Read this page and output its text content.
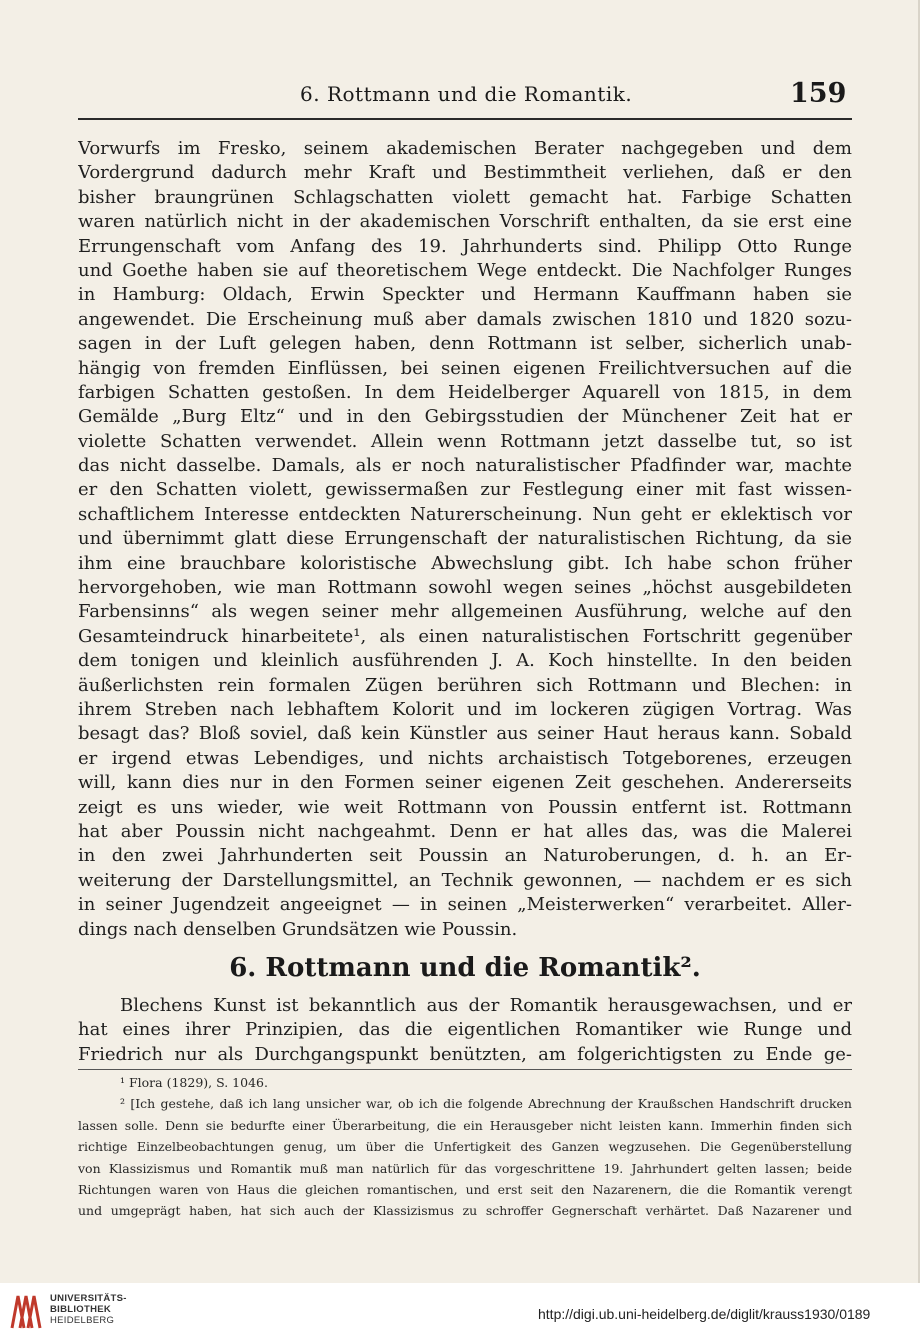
6. Rottmann und die Romantik.	159
Vorwurfs im Fresko, seinem akademischen Berater nachgegeben und dem
Vordergrund dadurch mehr Kraft und Bestimmtheit verliehen, daß er den
bisher braungrünen Schlagschatten violett gemacht hat. Farbige Schatten
waren natürlich nicht in der akademischen Vorschrift enthalten, da sie erst eine
Errungenschaft vom Anfang des 19. Jahrhunderts sind. Philipp Otto Runge
und Goethe haben sie auf theoretischem Wege entdeckt. Die Nachfolger Runges
in Hamburg: Oldach, Erwin Speckter und Hermann Kauffmann haben sie
angewendet. Die Erscheinung muß aber damals zwischen 1810 und 1820 sozu-
sagen in der Luft gelegen haben, denn Rottmann ist selber, sicherlich unab-
hängig von fremden Einflüssen, bei seinen eigenen Freilichtversuchen auf die
farbigen Schatten gestoßen. In dem Heidelberger Aquarell von 1815, in dem
Gemälde „Burg Eltz“ und in den Gebirgsstudien der Münchener Zeit hat er
violette Schatten verwendet. Allein wenn Rottmann jetzt dasselbe tut, so ist
das nicht dasselbe. Damals, als er noch naturalistischer Pfadfinder war, machte
er den Schatten violett, gewissermaßen zur Festlegung einer mit fast wissen-
schaftlichem Interesse entdeckten Naturerscheinung. Nun geht er eklektisch vor
und übernimmt glatt diese Errungenschaft der naturalistischen Richtung, da sie
ihm eine brauchbare koloristische Abwechslung gibt. Ich habe schon früher
hervorgehoben, wie man Rottmann sowohl wegen seines „höchst ausgebildeten
Farbensinns“ als wegen seiner mehr allgemeinen Ausführung, welche auf den
Gesamteindruck hinarbeitete¹, als einen naturalistischen Fortschritt gegenüber
dem tonigen und kleinlich ausführenden J. A. Koch hinstellte. In den beiden
äußerlichsten rein formalen Zügen berühren sich Rottmann und Blechen: in
ihrem Streben nach lebhaftem Kolorit und im lockeren zügigen Vortrag. Was
besagt das? Bloß soviel, daß kein Künstler aus seiner Haut heraus kann. Sobald
er irgend etwas Lebendiges, und nichts archaistisch Totgeborenes, erzeugen
will, kann dies nur in den Formen seiner eigenen Zeit geschehen. Andererseits
zeigt es uns wieder, wie weit Rottmann von Poussin entfernt ist. Rottmann
hat aber Poussin nicht nachgeahmt. Denn er hat alles das, was die Malerei
in den zwei Jahrhunderten seit Poussin an Naturoberungen, d. h. an Er-
weiterung der Darstellungsmittel, an Technik gewonnen, — nachdem er es sich
in seiner Jugendzeit angeeignet — in seinen „Meisterwerken“ verarbeitet. Aller-
dings nach denselben Grundsätzen wie Poussin.
6. Rottmann und die Romantik².
Blechens Kunst ist bekanntlich aus der Romantik herausgewachsen, und er
hat eines ihrer Prinzipien, das die eigentlichen Romantiker wie Runge und
Friedrich nur als Durchgangspunkt benützten, am folgerichtigsten zu Ende ge-
¹ Flora (1829), S. 1046.
² [Ich gestehe, daß ich lang unsicher war, ob ich die folgende Abrechnung der Kraußschen Handschrift drucken
lassen solle. Denn sie bedurfte einer Überarbeitung, die ein Herausgeber nicht leisten kann. Immerhin finden sich
richtige Einzelbeobachtungen genug, um über die Unfertigkeit des Ganzen wegzusehen. Die Gegenüberstellung
von Klassizismus und Romantik muß man natürlich für das vorgeschrittene 19. Jahrhundert gelten lassen; beide
Richtungen waren von Haus die gleichen romantischen, und erst seit den Nazarenern, die die Romantik verengt
und umgeprägt haben, hat sich auch der Klassizismus zu schroffer Gegnerschaft verhärtet. Daß Nazarener und
UNIVERSITÄTS-
BIBLIOTHEK
HEIDELBERG	http://digi.ub.uni-heidelberg.de/diglit/krauss1930/0189
